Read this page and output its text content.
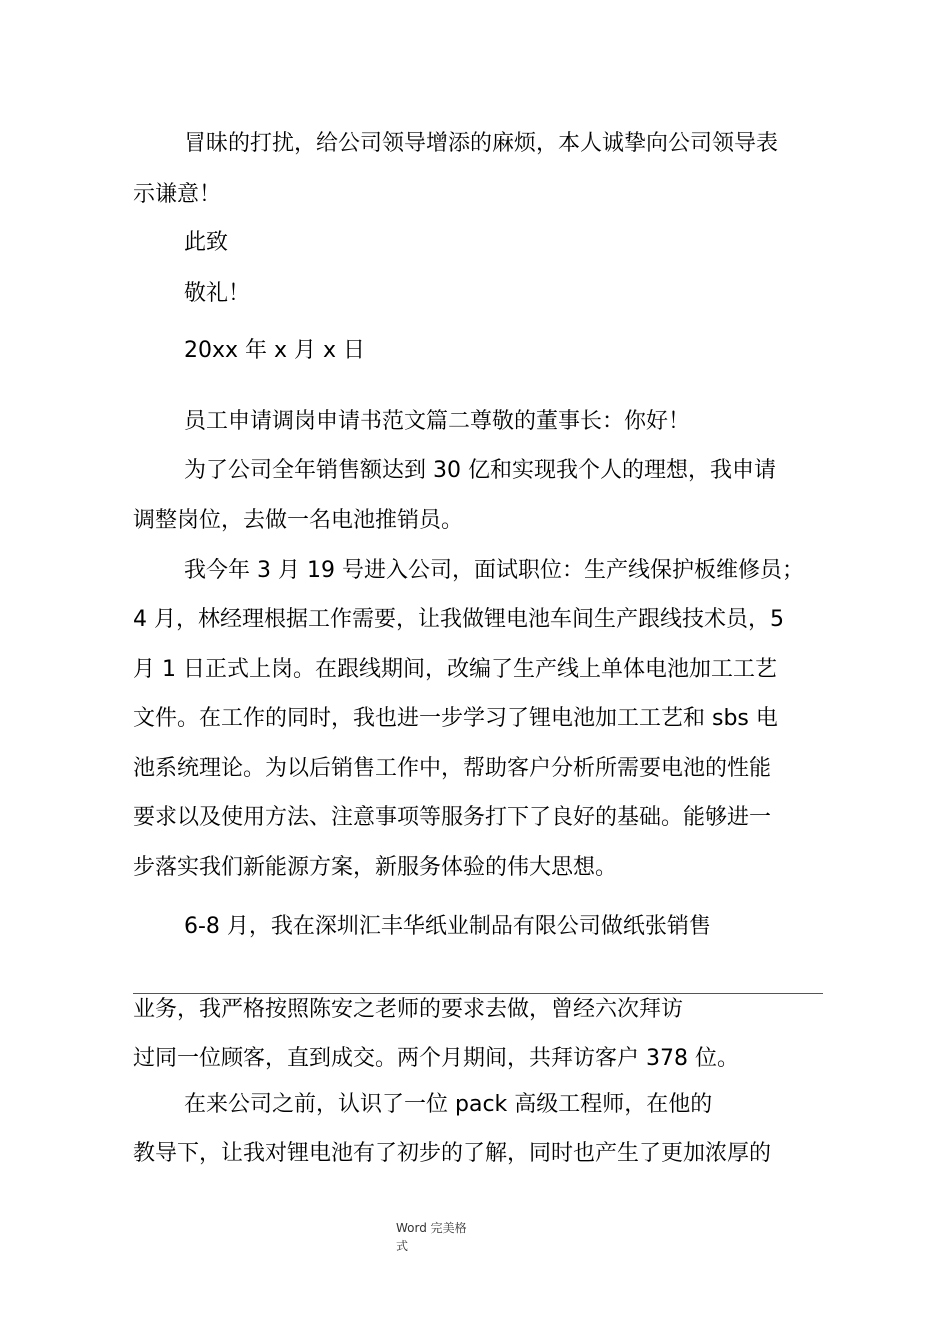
冒昧的打扰，给公司领导增添的麻烦，本人诚挚向公司领导表

示谦意！

此致

敬礼！

20xx 年 x 月 x 日

员工申请调岗申请书范文篇二尊敬的董事长：你好！

为了公司全年销售额达到 30 亿和实现我个人的理想，我申请

调整岗位，去做一名电池推销员。

我今年 3 月 19 号进入公司，面试职位：生产线保护板维修员；

4 月，林经理根据工作需要，让我做锂电池车间生产跟线技术员，5

月 1 日正式上岗。在跟线期间，改编了生产线上单体电池加工工艺

文件。在工作的同时，我也进一步学习了锂电池加工工艺和 sbs 电

池系统理论。为以后销售工作中，帮助客户分析所需要电池的性能

要求以及使用方法、注意事项等服务打下了良好的基础。能够进一

步落实我们新能源方案，新服务体验的伟大思想。

6-8 月，我在深圳汇丰华纸业制品有限公司做纸张销售

业务，我严格按照陈安之老师的要求去做，曾经六次拜访

过同一位顾客，直到成交。两个月期间，共拜访客户 378 位。

在来公司之前，认识了一位 pack 高级工程师，在他的

教导下，让我对锂电池有了初步的了解，同时也产生了更加浓厚的

Word 完美格
式
